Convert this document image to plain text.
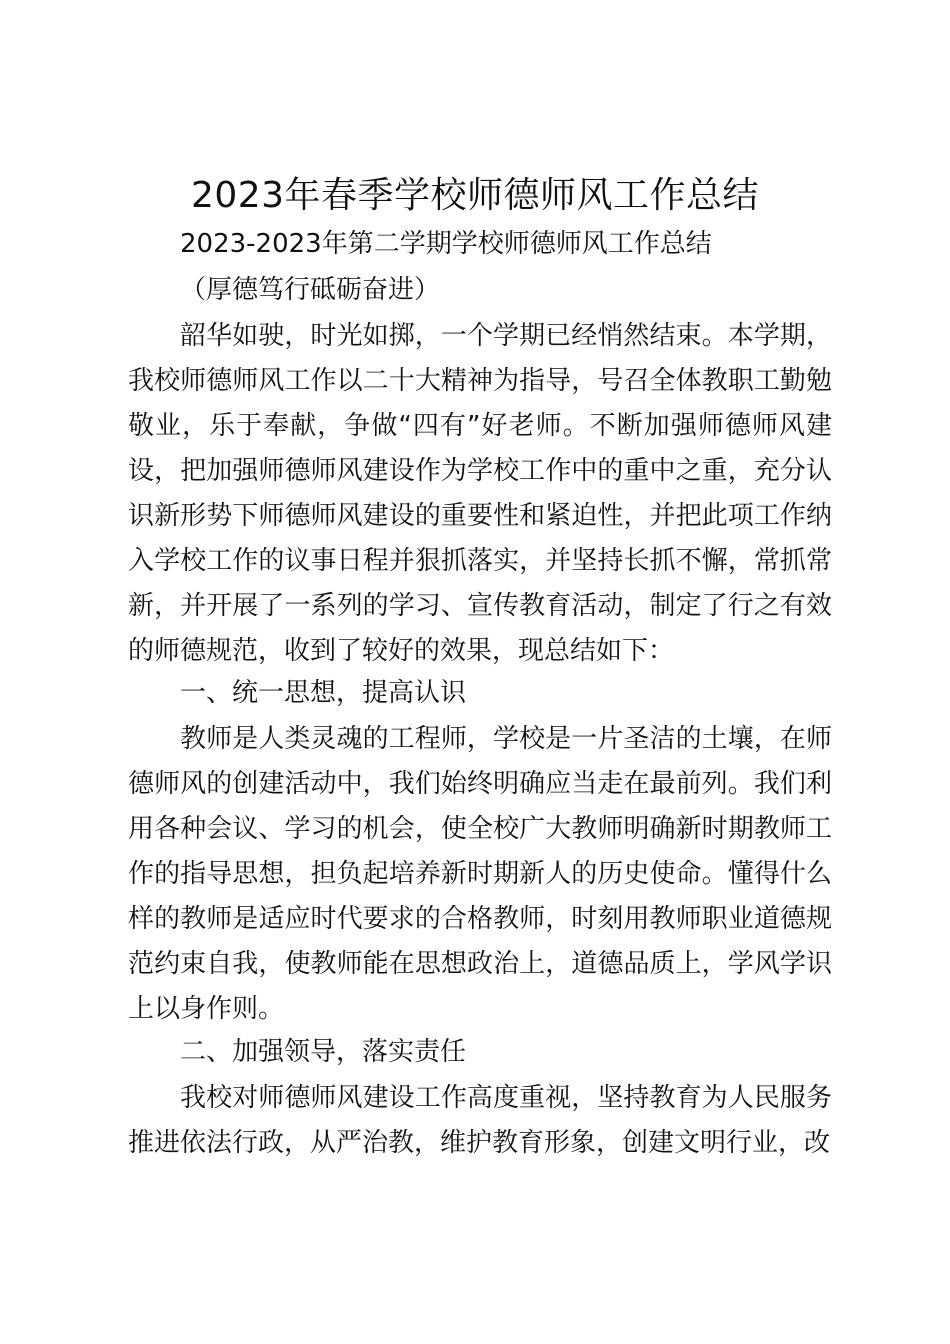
2023年春季学校师德师风工作总结
2023-2023年第二学期学校师德师风工作总结
（厚德笃行砥砺奋进）

韶华如驶，时光如掷，一个学期已经悄然结束。本学期，我校师德师风工作以二十大精神为指导，号召全体教职工勤勉敬业，乐于奉献，争做“四有”好老师。不断加强师德师风建设，把加强师德师风建设作为学校工作中的重中之重，充分认识新形势下师德师风建设的重要性和紧迫性，并把此项工作纳入学校工作的议事日程并狠抓落实，并坚持长抓不懈，常抓常新，并开展了一系列的学习、宣传教育活动，制定了行之有效的师德规范，收到了较好的效果，现总结如下：

一、统一思想，提高认识

教师是人类灵魂的工程师，学校是一片圣洁的土壤，在师德师风的创建活动中，我们始终明确应当走在最前列。我们利用各种会议、学习的机会，使全校广大教师明确新时期教师工作的指导思想，担负起培养新时期新人的历史使命。懂得什么样的教师是适应时代要求的合格教师，时刻用教师职业道德规范约束自我，使教师能在思想政治上，道德品质上，学风学识上以身作则。

二、加强领导，落实责任

我校对师德师风建设工作高度重视，坚持教育为人民服务推进依法行政，从严治教，维护教育形象，创建文明行业，改
